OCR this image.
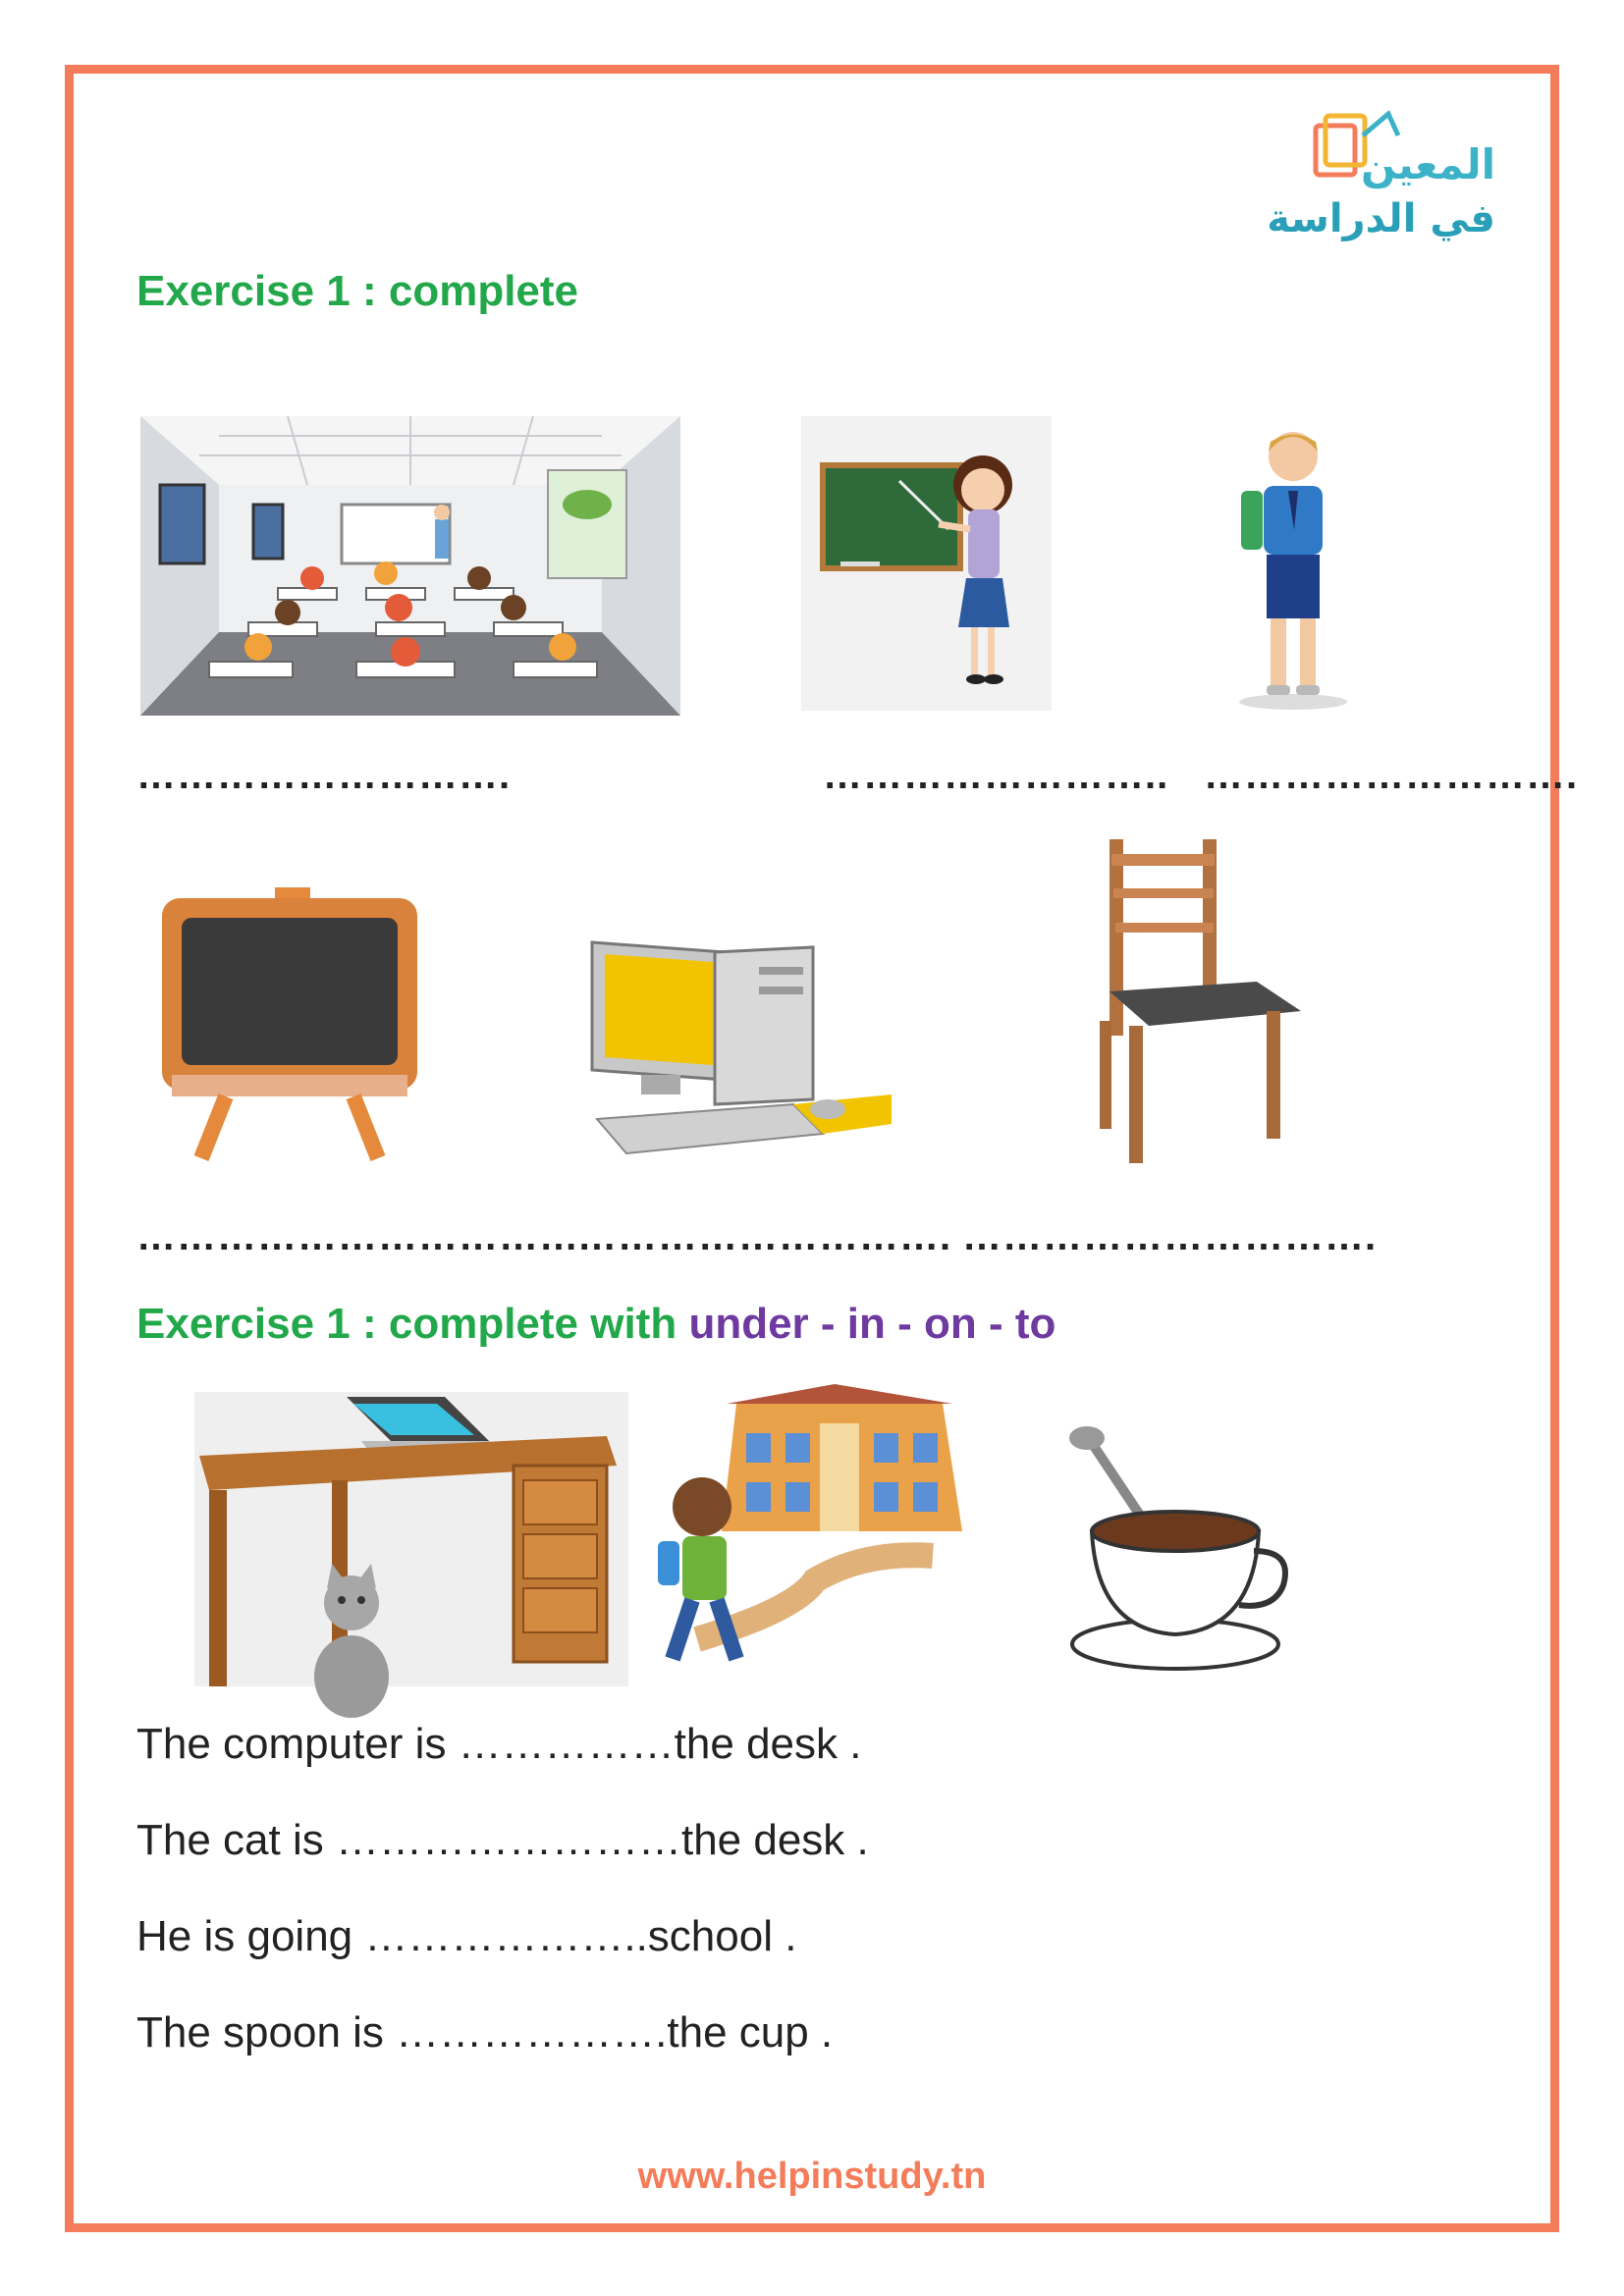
المعين
في الدراسة
Exercise 1 : complete
……………………….	…………………….. ……………………….
……………………………
………………………. ………………………….
Exercise 1 : complete with under - in - on - to
The computer is ……………the desk .
The cat is ……………………the desk .
He is going ………………..school .
The spoon is ……………….the cup .
www.helpinstudy.tn
